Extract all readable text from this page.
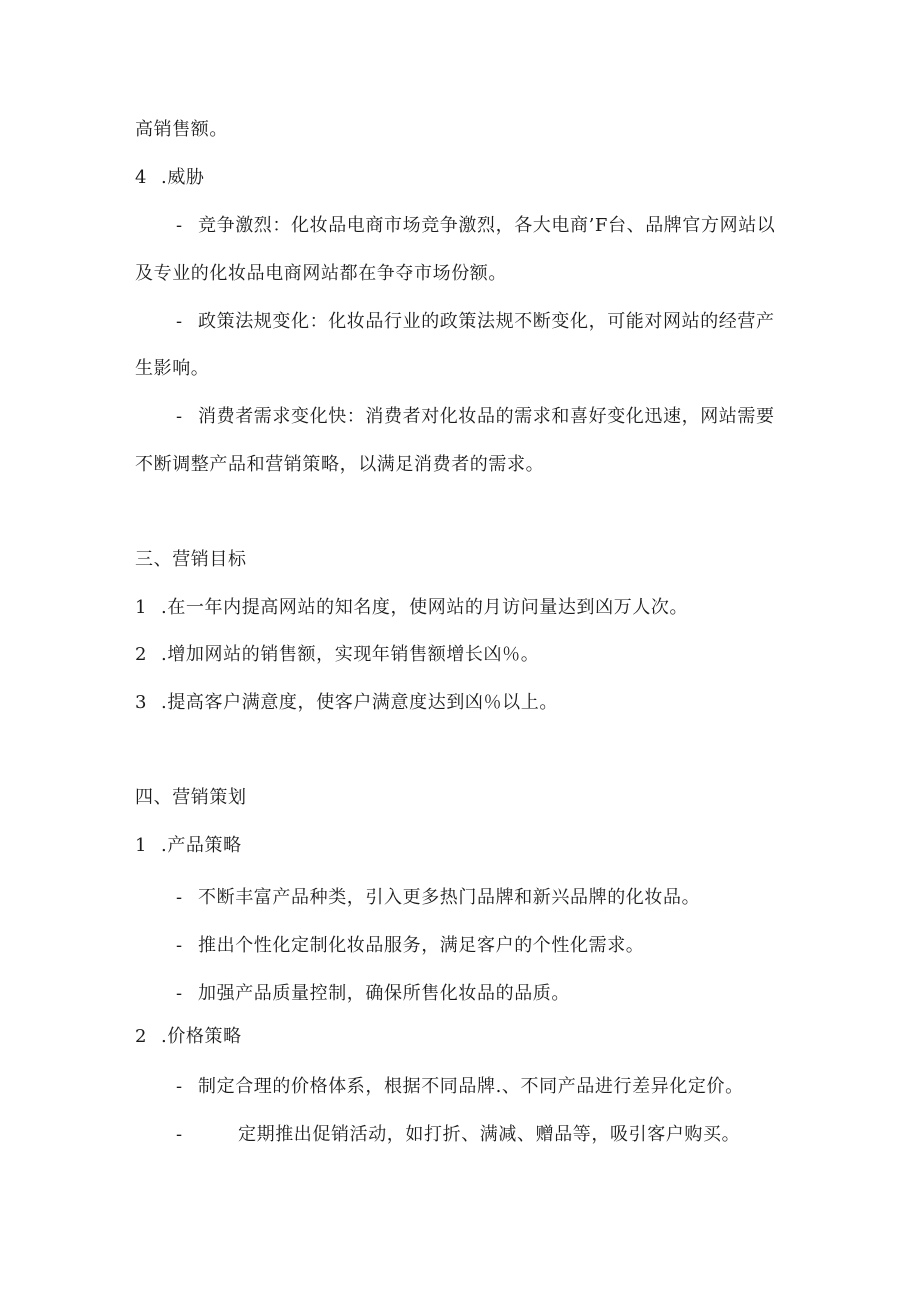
高销售额。
4 .威胁
- 竞争激烈：化妆品电商市场竞争激烈，各大电商’F台、品牌官方网站以
及专业的化妆品电商网站都在争夺市场份额。
- 政策法规变化：化妆品行业的政策法规不断变化，可能对网站的经营产
生影响。
- 消费者需求变化快：消费者对化妆品的需求和喜好变化迅速，网站需要
不断调整产品和营销策略，以满足消费者的需求。
三、营销目标
1 .在一年内提高网站的知名度，使网站的月访问量达到凶万人次。
2 .增加网站的销售额，实现年销售额增长凶％。
3 .提高客户满意度，使客户满意度达到凶％以上。
四、营销策划
1 .产品策略
- 不断丰富产品种类，引入更多热门品牌和新兴品牌的化妆品。
- 推出个性化定制化妆品服务，满足客户的个性化需求。
- 加强产品质量控制，确保所售化妆品的品质。
2 .价格策略
- 制定合理的价格体系，根据不同品牌.、不同产品进行差异化定价。
-	定期推出促销活动，如打折、满减、赠品等，吸引客户购买。
